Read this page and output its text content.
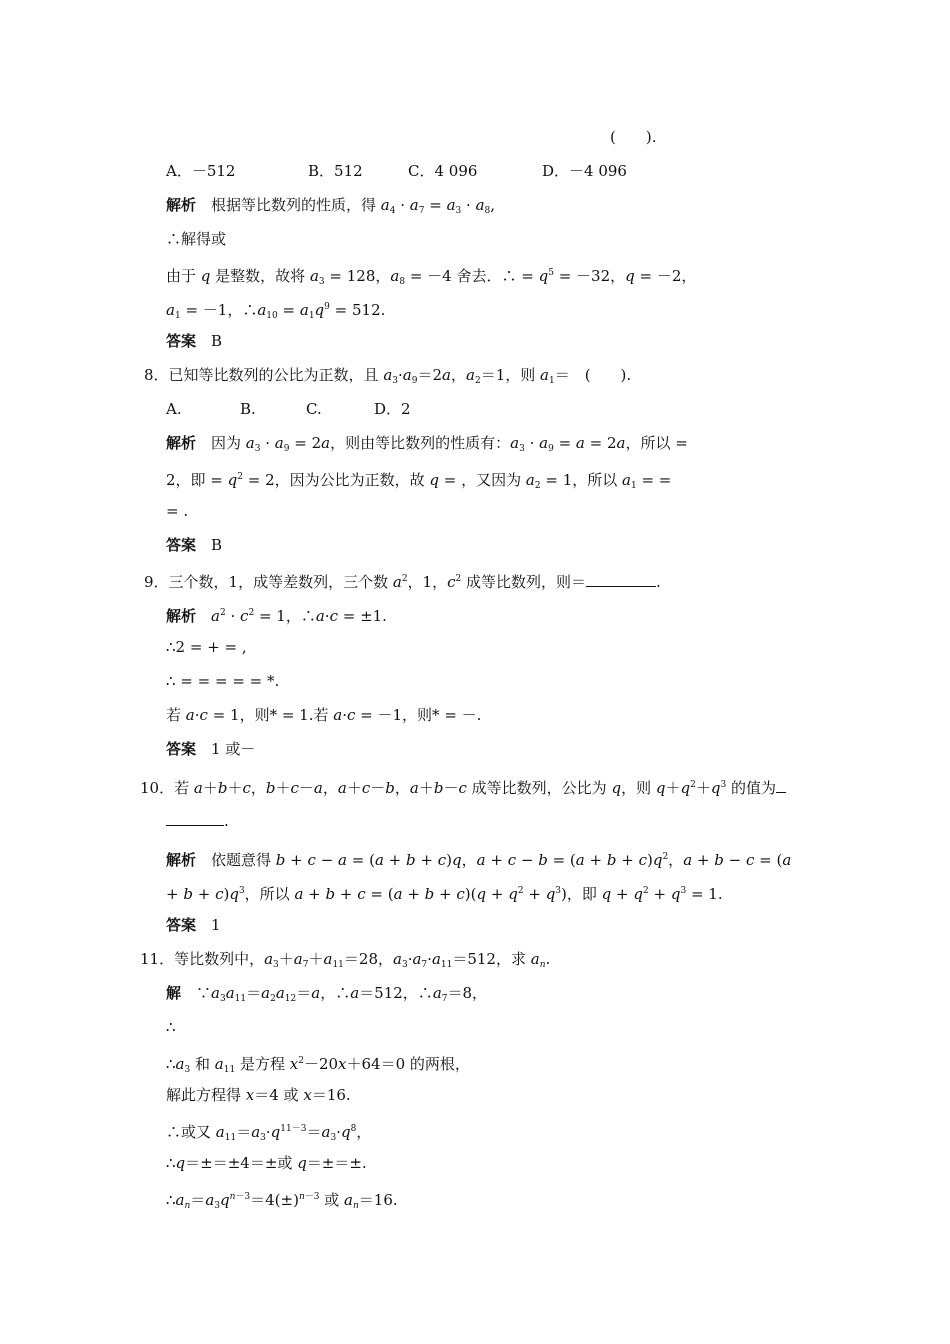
(　　).
A．－512	B．512	C．4 096	D．－4 096
解析　根据等比数列的性质，得 $a_4 \cdot a_7 = a_3 \cdot a_8$,
∴解得或
由于 q 是整数，故将 $a_3 = 128$，$a_8 = -4$ 舍去．∴ = $q^5 = -32$，q = －2，
$a_1 = -1$，$\therefore a_{10} = a_1q^9 = 512$.
答案　 B
8．已知等比数列的公比为正数，且 $a_3\cdot a_9=2a$，$a_2=1$，则 $a_1=$　(　　).
A.	B.	C.	D．2
解析　因为 $a_3 \cdot a_9 = 2a$，则由等比数列的性质有：$a_3 \cdot a_9 = a = 2a$，所以 =
2，即 = $q^2 = 2$，因为公比为正数，故 q = ，又因为 $a_2 = 1$，所以 $a_1$ = =
= .
答案　 B
9．三个数，1，成等差数列，三个数 $a^2$，1，$c^2$ 成等比数列，则＝	.
解析　 $a^2 \cdot c^2 = 1$，∴a·c = ±1.
∴2 = + = ,
∴ = = = = = *.
若 a·c = 1，则* = 1.若 a·c = －1，则* = －.
答案　 1 或－
10．若 a＋b＋c，b＋c－a，a＋c－b，a＋b－c 成等比数列，公比为 q，则 $q+q^2+q^3$ 的值为
.
解析　依题意得 b + c − a = (a + b + c)q，$a + c - b = (a + b + c)q^2$，a + b − c = (a
+ $b + c)q^3$，所以 $a + b + c = (a + b + c)(q + q^2 + q^3)$，即 $q + q^2 + q^3 = 1$.
答案　 1
11．等比数列中，$a_3+a_7+a_{11}=28$，$a_3\cdot a_7\cdot a_{11}=512$，求 $a_n$.
解　$\because a_3a_{11}=a_2a_{12}=a$，∴a＝512，$\therefore a_7=8$，
∴
$\therefore a_3$ 和 $a_{11}$ 是方程 $x^2-20x+64=0$ 的两根，
解此方程得 x＝4 或 x＝16.
∴或又 $a_{11}=a_3\cdot q^{11-3}=a_3\cdot q^8$，
∴q＝±＝±4＝±或 q＝±＝±.
$\therefore a_n=a_3q^{n-3}=4(\pm)^{n-3}$ 或 $a_n=16$.
